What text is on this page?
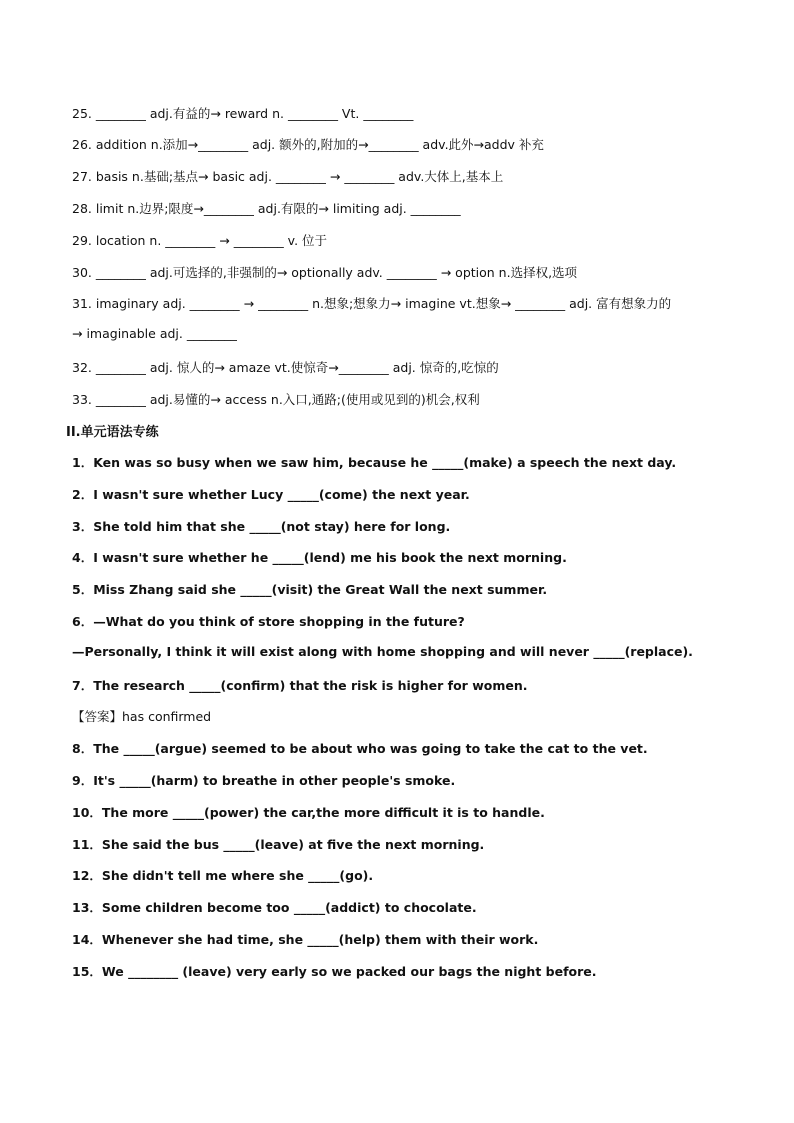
25. ________ adj.有益的→ reward n. ________ Vt. ________
26. addition n.添加→________ adj. 额外的,附加的→________ adv.此外→addv 补充
27. basis n.基础;基点→ basic adj. ________ → ________ adv.大体上,基本上
28. limit n.边界;限度→________ adj.有限的→ limiting adj. ________
29. location n. ________ → ________ v. 位于
30. ________ adj.可选择的,非强制的→ optionally adv. ________ → option n.选择权,选项
31. imaginary adj. ________ → ________ n.想象;想象力→ imagine vt.想象→ ________ adj. 富有想象力的
→ imaginable adj. ________
32. ________ adj. 惊人的→ amaze vt.使惊奇→________ adj. 惊奇的,吃惊的
33. ________ adj.易懂的→ access n.入口,通路;(使用或见到的)机会,权利
II.单元语法专练
1．Ken was so busy when we saw him, because he _____(make) a speech the next day.
2．I wasn't sure whether Lucy _____(come) the next year.
3．She told him that she _____(not stay) here for long.
4．I wasn't sure whether he _____(lend) me his book the next morning.
5．Miss Zhang said she _____(visit) the Great Wall the next summer.
6．—What do you think of store shopping in the future?
—Personally, I think it will exist along with home shopping and will never _____(replace).
7．The research _____(confirm) that the risk is higher for women.
【答案】has confirmed
8．The _____(argue) seemed to be about who was going to take the cat to the vet.
9．It's _____(harm) to breathe in other people's smoke.
10．The more _____(power) the car,the more difficult it is to handle.
11．She said the bus _____(leave) at five the next morning.
12．She didn't tell me where she _____(go).
13．Some children become too _____(addict) to chocolate.
14．Whenever she had time, she _____(help) them with their work.
15．We ________ (leave) very early so we packed our bags the night before.
